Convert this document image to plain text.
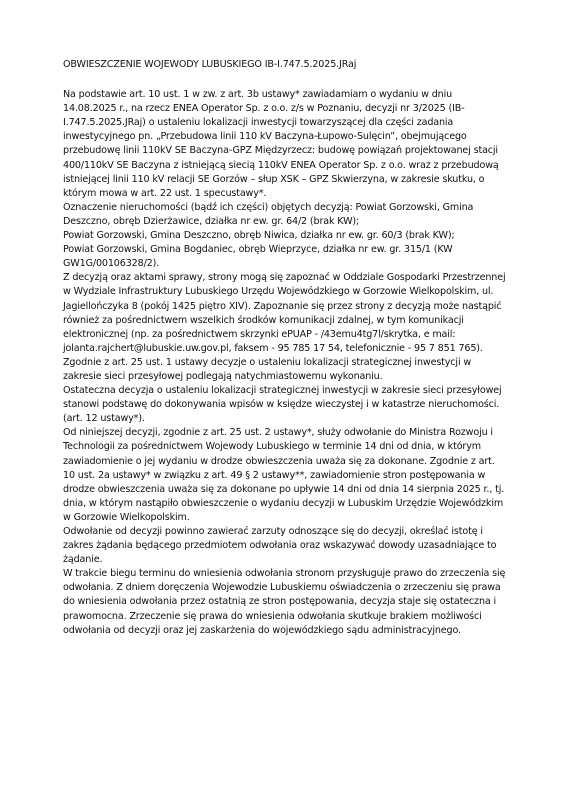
OBWIESZCZENIE WOJEWODY LUBUSKIEGO IB-I.747.5.2025.JRaj

Na podstawie art. 10 ust. 1 w zw. z art. 3b ustawy* zawiadamiam o wydaniu w dniu 14.08.2025 r., na rzecz ENEA Operator Sp. z o.o. z/s w Poznaniu, decyzji nr 3/2025 (IB-I.747.5.2025.JRaj) o ustaleniu lokalizacji inwestycji towarzyszącej dla części zadania inwestycyjnego pn. „Przebudowa linii 110 kV Baczyna-Łupowo-Sulęcin”, obejmującego przebudowę linii 110kV SE Baczyna-GPZ Międzyrzecz: budowę powiązań projektowanej stacji 400/110kV SE Baczyna z istniejącą siecią 110kV ENEA Operator Sp. z o.o. wraz z przebudową istniejącej linii 110 kV relacji SE Gorzów – słup XSK – GPZ Skwierzyna, w zakresie skutku, o którym mowa w art. 22 ust. 1 specustawy*.

Oznaczenie nieruchomości (bądź ich części) objętych decyzją: Powiat Gorzowski, Gmina Deszczno, obręb Dzierżawice, działka nr ew. gr. 64/2 (brak KW);

Powiat Gorzowski, Gmina Deszczno, obręb Niwica, działka nr ew. gr. 60/3 (brak KW);

Powiat Gorzowski, Gmina Bogdaniec, obręb Wieprzyce, działka nr ew. gr. 315/1 (KW GW1G/00106328/2).

Z decyzją oraz aktami sprawy, strony mogą się zapoznać w Oddziale Gospodarki Przestrzennej w Wydziale Infrastruktury Lubuskiego Urzędu Wojewódzkiego w Gorzowie Wielkopolskim, ul. Jagiellończyka 8 (pokój 1425 piętro XIV). Zapoznanie się przez strony z decyzją może nastąpić również za pośrednictwem wszelkich środków komunikacji zdalnej, w tym komunikacji elektronicznej (np. za pośrednictwem skrzynki ePUAP - /43emu4tg7l/skrytka, e mail: jolanta.rajchert@lubuskie.uw.gov.pl, faksem - 95 785 17 54, telefonicznie - 95 7 851 765).

Zgodnie z art. 25 ust. 1 ustawy decyzje o ustaleniu lokalizacji strategicznej inwestycji w zakresie sieci przesyłowej podlegają natychmiastowemu wykonaniu.

Ostateczna decyzja o ustaleniu lokalizacji strategicznej inwestycji w zakresie sieci przesyłowej stanowi podstawę do dokonywania wpisów w księdze wieczystej i w katastrze nieruchomości. (art. 12 ustawy*).

Od niniejszej decyzji, zgodnie z art. 25 ust. 2 ustawy*, służy odwołanie do Ministra Rozwoju i Technologii za pośrednictwem Wojewody Lubuskiego w terminie 14 dni od dnia, w którym zawiadomienie o jej wydaniu w drodze obwieszczenia uważa się za dokonane. Zgodnie z art. 10 ust. 2a ustawy* w związku z art. 49 § 2 ustawy**, zawiadomienie stron postępowania w drodze obwieszczenia uważa się za dokonane po upływie 14 dni od dnia 14 sierpnia 2025 r., tj. dnia, w którym nastąpiło obwieszczenie o wydaniu decyzji w Lubuskim Urzędzie Wojewódzkim w Gorzowie Wielkopolskim.

Odwołanie od decyzji powinno zawierać zarzuty odnoszące się do decyzji, określać istotę i zakres żądania będącego przedmiotem odwołania oraz wskazywać dowody uzasadniające to żądanie.

W trakcie biegu terminu do wniesienia odwołania stronom przysługuje prawo do zrzeczenia się odwołania. Z dniem doręczenia Wojewodzie Lubuskiemu oświadczenia o zrzeczeniu się prawa do wniesienia odwołania przez ostatnią ze stron postępowania, decyzja staje się ostateczna i prawomocna. Zrzeczenie się prawa do wniesienia odwołania skutkuje brakiem możliwości odwołania od decyzji oraz jej zaskarżenia do wojewódzkiego sądu administracyjnego.
